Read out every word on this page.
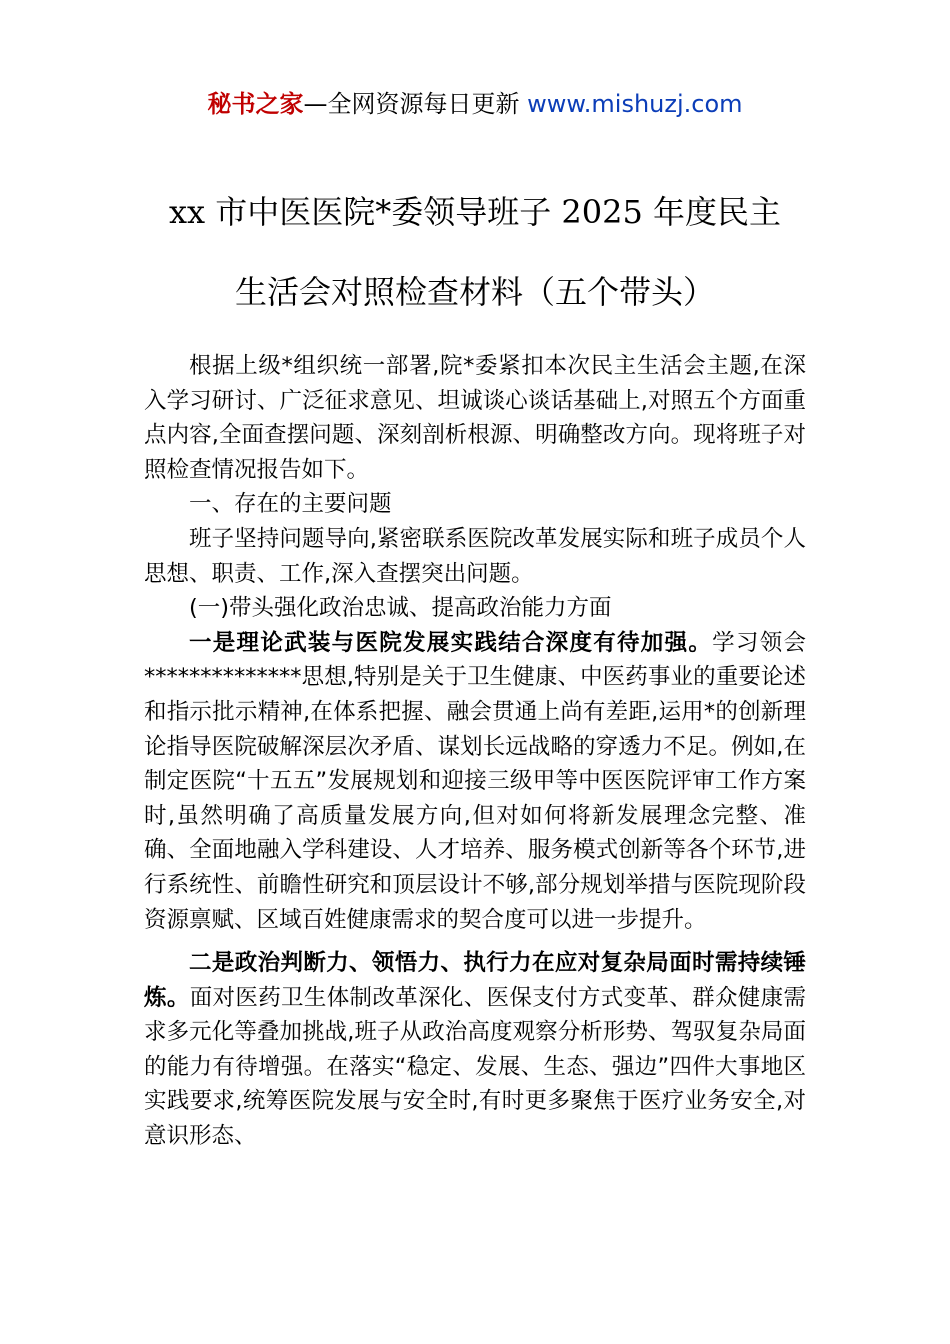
秘书之家—全网资源每日更新 www.mishuzj.com
xx 市中医医院*委领导班子 2025 年度民主
生活会对照检查材料（五个带头）

根据上级*组织统一部署,院*委紧扣本次民主生活会主题,在深入学习研讨、广泛征求意见、坦诚谈心谈话基础上,对照五个方面重点内容,全面查摆问题、深刻剖析根源、明确整改方向。现将班子对照检查情况报告如下。

一、存在的主要问题

班子坚持问题导向,紧密联系医院改革发展实际和班子成员个人思想、职责、工作,深入查摆突出问题。

(一)带头强化政治忠诚、提高政治能力方面

一是理论武装与医院发展实践结合深度有待加强。学习领会**************思想,特别是关于卫生健康、中医药事业的重要论述和指示批示精神,在体系把握、融会贯通上尚有差距,运用*的创新理论指导医院破解深层次矛盾、谋划长远战略的穿透力不足。例如,在制定医院“十五五”发展规划和迎接三级甲等中医医院评审工作方案时,虽然明确了高质量发展方向,但对如何将新发展理念完整、准确、全面地融入学科建设、人才培养、服务模式创新等各个环节,进行系统性、前瞻性研究和顶层设计不够,部分规划举措与医院现阶段资源禀赋、区域百姓健康需求的契合度可以进一步提升。

二是政治判断力、领悟力、执行力在应对复杂局面时需持续锤炼。面对医药卫生体制改革深化、医保支付方式变革、群众健康需求多元化等叠加挑战,班子从政治高度观察分析形势、驾驭复杂局面的能力有待增强。在落实“稳定、发展、生态、强边”四件大事地区实践要求,统筹医院发展与安全时,有时更多聚焦于医疗业务安全,对意识形态、
